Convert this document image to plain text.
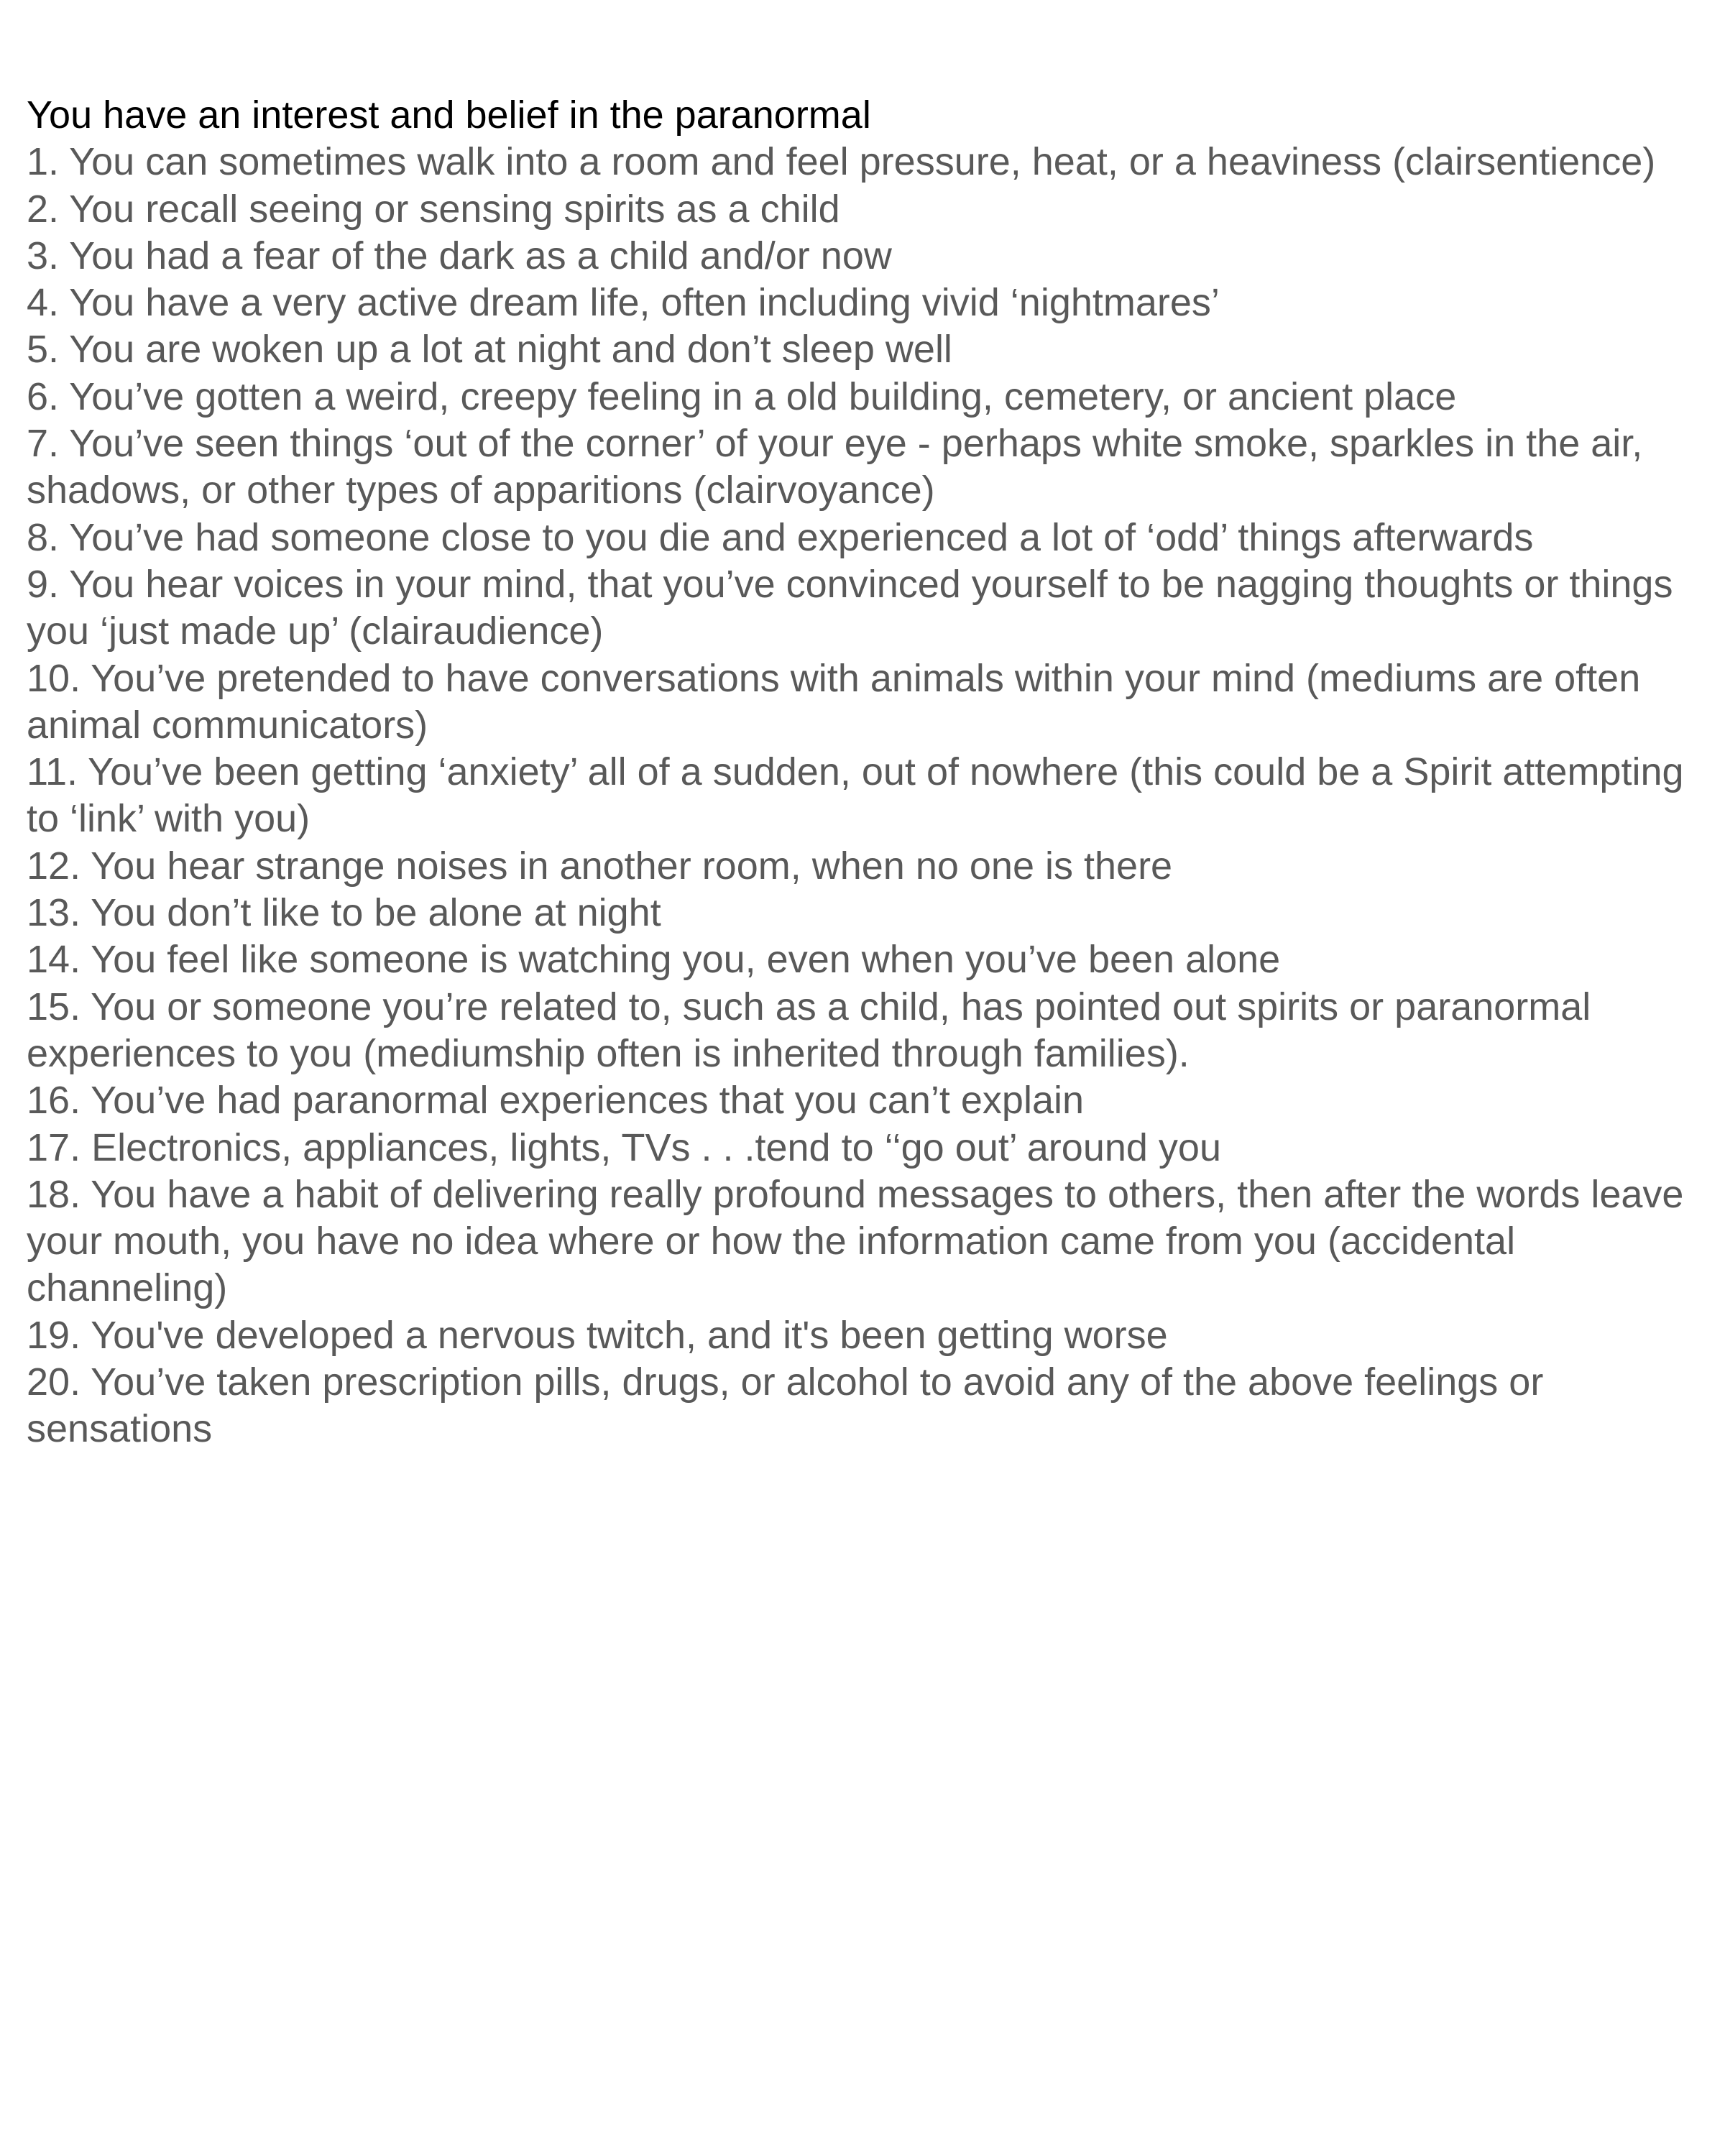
You have an interest and belief in the paranormal
1. You can sometimes walk into a room and feel pressure, heat, or a heaviness (clairsentience)
2. You recall seeing or sensing spirits as a child
3. You had a fear of the dark as a child and/or now
4. You have a very active dream life, often including vivid ‘nightmares’
5. You are woken up a lot at night and don’t sleep well
6. You’ve gotten a weird, creepy feeling in a old building, cemetery, or ancient place
7. You’ve seen things ‘out of the corner’ of your eye - perhaps white smoke, sparkles in the air, shadows, or other types of apparitions (clairvoyance)
8. You’ve had someone close to you die and experienced a lot of ‘odd’ things afterwards
9. You hear voices in your mind, that you’ve convinced yourself to be nagging thoughts or things you ‘just made up’ (clairaudience)
10. You’ve pretended to have conversations with animals within your mind (mediums are often animal communicators)
11. You’ve been getting ‘anxiety’ all of a sudden, out of nowhere (this could be a Spirit attempting to ‘link’ with you)
12. You hear strange noises in another room, when no one is there
13. You don’t like to be alone at night
14. You feel like someone is watching you, even when you’ve been alone
15. You or someone you’re related to, such as a child, has pointed out spirits or paranormal experiences to you (mediumship often is inherited through families).
16. You’ve had paranormal experiences that you can’t explain
17. Electronics, appliances, lights, TVs . . .tend to ‘‘go out’ around you
18. You have a habit of delivering really profound messages to others, then after the words leave your mouth, you have no idea where or how the information came from you (accidental channeling)
19. You've developed a nervous twitch, and it's been getting worse
20. You’ve taken prescription pills, drugs, or alcohol to avoid any of the above feelings or sensations
